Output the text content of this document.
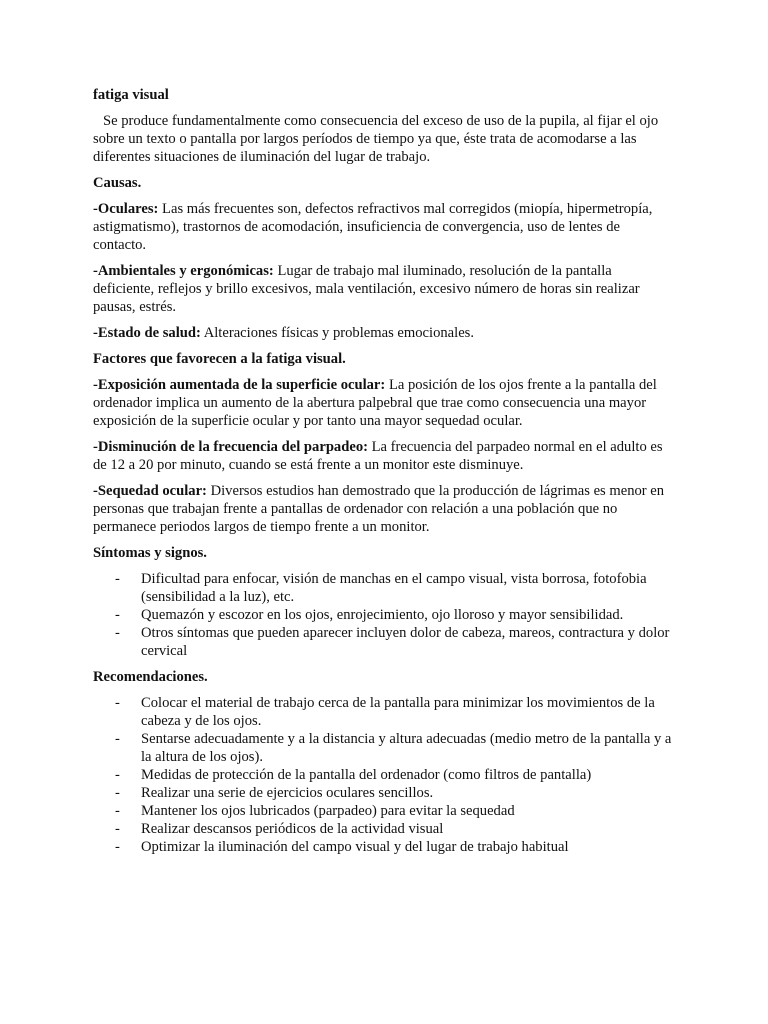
fatiga visual

Se produce fundamentalmente como consecuencia del exceso de uso de la pupila, al fijar el ojo sobre un texto o pantalla por largos períodos de tiempo ya que, éste trata de acomodarse a las diferentes situaciones de iluminación del lugar de trabajo.

Causas.

-Oculares: Las más frecuentes son, defectos refractivos mal corregidos (miopía, hipermetropía, astigmatismo), trastornos de acomodación, insuficiencia de convergencia, uso de lentes de contacto.

-Ambientales y ergonómicas: Lugar de trabajo mal iluminado, resolución de la pantalla deficiente, reflejos y brillo excesivos, mala ventilación, excesivo número de horas sin realizar pausas, estrés.

-Estado de salud: Alteraciones físicas y problemas emocionales.

Factores que favorecen a la fatiga visual.

-Exposición aumentada de la superficie ocular: La posición de los ojos frente a la pantalla del ordenador implica un aumento de la abertura palpebral que trae como consecuencia una mayor exposición de la superficie ocular y por tanto una mayor sequedad ocular.

-Disminución de la frecuencia del parpadeo: La frecuencia del parpadeo normal en el adulto es de 12 a 20 por minuto, cuando se está frente a un monitor este disminuye.

-Sequedad ocular: Diversos estudios han demostrado que la producción de lágrimas es menor en personas que trabajan frente a pantallas de ordenador con relación a una población que no permanece periodos largos de tiempo frente a un monitor.

Síntomas y signos.

- Dificultad para enfocar, visión de manchas en el campo visual, vista borrosa, fotofobia (sensibilidad a la luz), etc.
- Quemazón y escozor en los ojos, enrojecimiento, ojo lloroso y mayor sensibilidad.
- Otros síntomas que pueden aparecer incluyen dolor de cabeza, mareos, contractura y dolor cervical

Recomendaciones.

- Colocar el material de trabajo cerca de la pantalla para minimizar los movimientos de la cabeza y de los ojos.
- Sentarse adecuadamente y a la distancia y altura adecuadas (medio metro de la pantalla y a la altura de los ojos).
- Medidas de protección de la pantalla del ordenador (como filtros de pantalla)
- Realizar una serie de ejercicios oculares sencillos.
- Mantener los ojos lubricados (parpadeo) para evitar la sequedad
- Realizar descansos periódicos de la actividad visual
- Optimizar la iluminación del campo visual y del lugar de trabajo habitual
